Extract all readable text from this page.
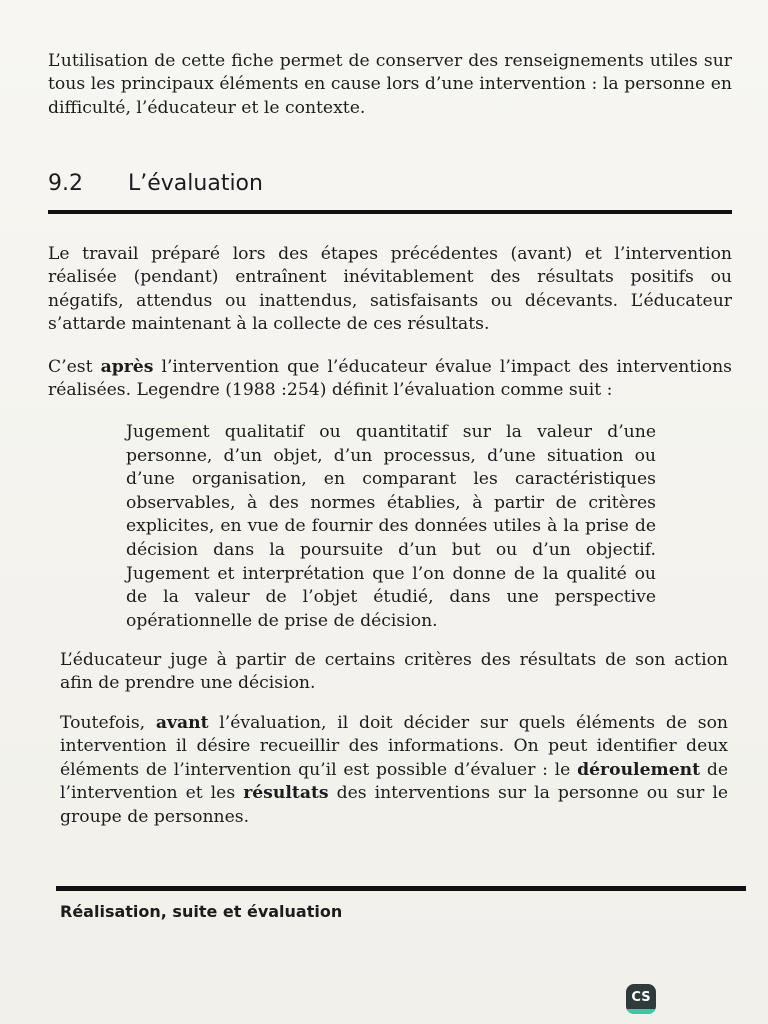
L’utilisation de cette fiche permet de conserver des renseignements utiles sur tous les principaux éléments en cause lors d’une intervention : la personne en difficulté, l’éducateur et le contexte.

9.2 L’évaluation

Le travail préparé lors des étapes précédentes (avant) et l’intervention réalisée (pendant) entraînent inévitablement des résultats positifs ou négatifs, attendus ou inattendus, satisfaisants ou décevants. L’éducateur s’attarde maintenant à la collecte de ces résultats.

C’est après l’intervention que l’éducateur évalue l’impact des interventions réalisées. Legendre (1988 :254) définit l’évaluation comme suit :

Jugement qualitatif ou quantitatif sur la valeur d’une personne, d’un objet, d’un processus, d’une situation ou d’une organisation, en comparant les caractéristiques observables, à des normes établies, à partir de critères explicites, en vue de fournir des données utiles à la prise de décision dans la poursuite d’un but ou d’un objectif. Jugement et interprétation que l’on donne de la qualité ou de la valeur de l’objet étudié, dans une perspective opérationnelle de prise de décision.

L’éducateur juge à partir de certains critères des résultats de son action afin de prendre une décision.

Toutefois, avant l’évaluation, il doit décider sur quels éléments de son intervention il désire recueillir des informations. On peut identifier deux éléments de l’intervention qu’il est possible d’évaluer : le déroulement de l’intervention et les résultats des interventions sur la personne ou sur le groupe de personnes.

Réalisation, suite et évaluation
CS
